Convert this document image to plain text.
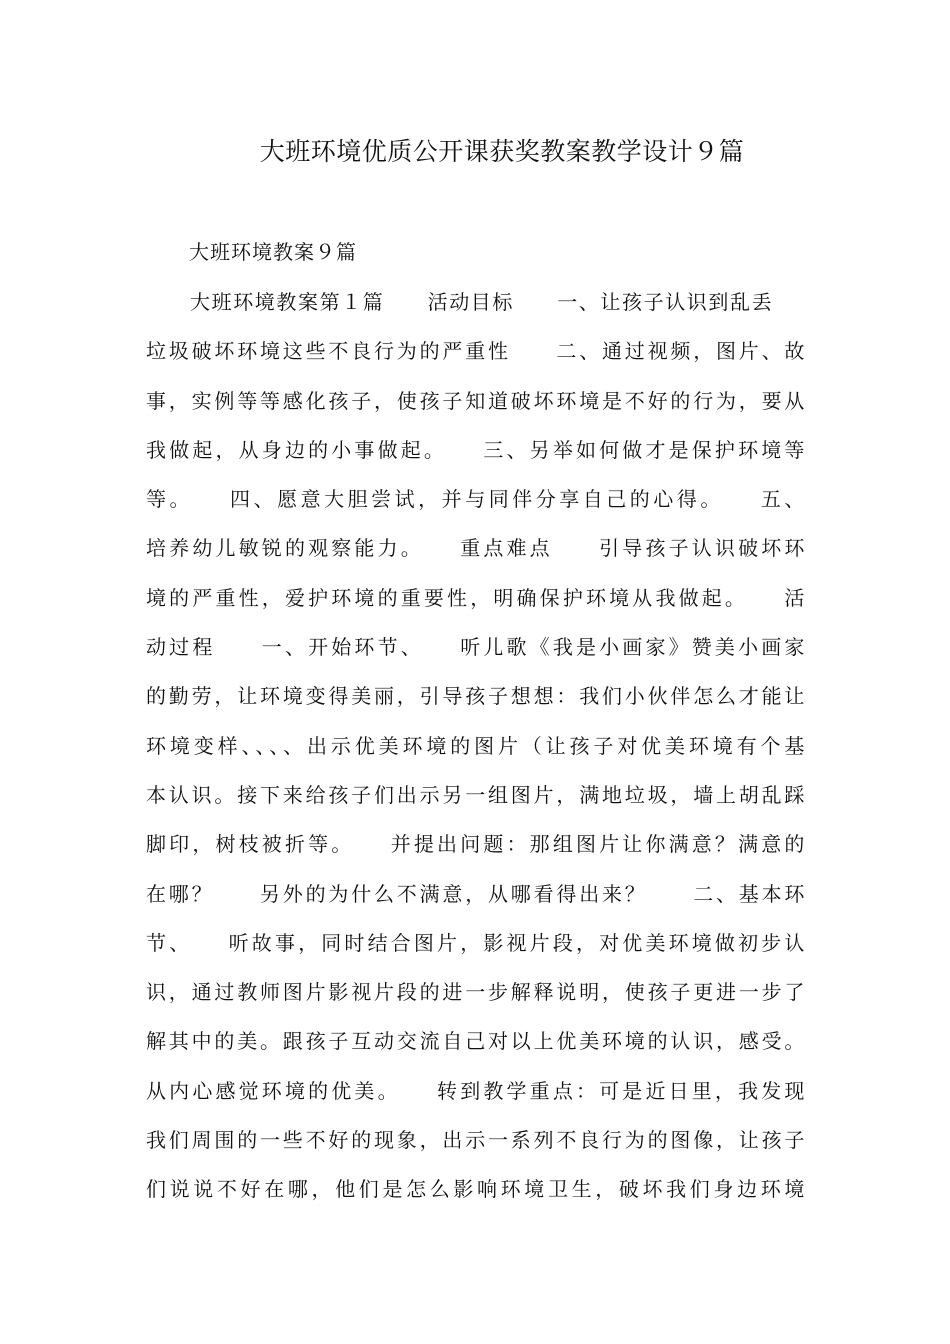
大班环境优质公开课获奖教案教学设计９篇

大班环境教案９篇

大班环境教案第１篇　　活动目标　　一、让孩子认识到乱丢
垃圾破坏环境这些不良行为的严重性　　二、通过视频，图片、故
事，实例等等感化孩子，使孩子知道破坏环境是不好的行为，要从
我做起，从身边的小事做起。　　三、另举如何做才是保护环境等
等。　　四、愿意大胆尝试，并与同伴分享自己的心得。　　五、
培养幼儿敏锐的观察能力。　　重点难点　　引导孩子认识破坏环
境的严重性，爱护环境的重要性，明确保护环境从我做起。　　活
动过程　　一、开始环节、　　听儿歌《我是小画家》赞美小画家
的勤劳，让环境变得美丽，引导孩子想想：我们小伙伴怎么才能让
环境变样、、、、出示优美环境的图片（让孩子对优美环境有个基
本认识。接下来给孩子们出示另一组图片，满地垃圾，墙上胡乱踩
脚印，树枝被折等。　　并提出问题：那组图片让你满意？满意的
在哪？　　另外的为什么不满意，从哪看得出来？　　二、基本环
节、　　听故事，同时结合图片，影视片段，对优美环境做初步认
识，通过教师图片影视片段的进一步解释说明，使孩子更进一步了
解其中的美。跟孩子互动交流自己对以上优美环境的认识，感受。
从内心感觉环境的优美。　　转到教学重点：可是近日里，我发现
我们周围的一些不好的现象，出示一系列不良行为的图像，让孩子
们说说不好在哪，他们是怎么影响环境卫生，破坏我们身边环境
